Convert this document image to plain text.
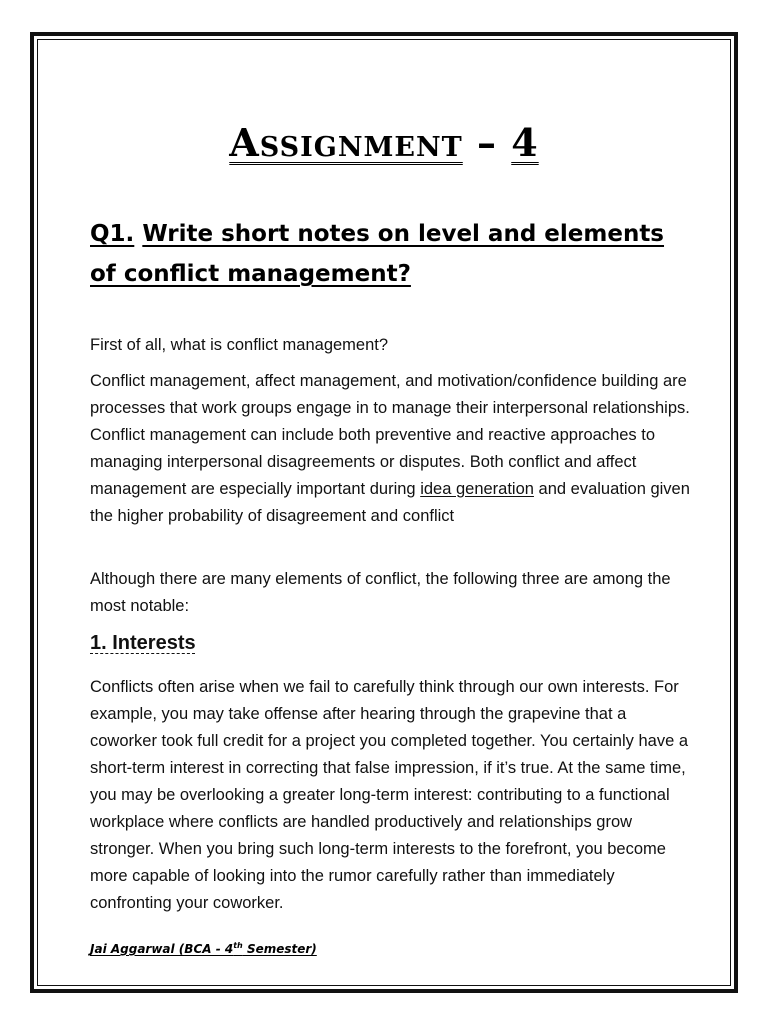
Assignment – 4
Q1. Write short notes on level and elements of conflict management?
First of all, what is conflict management?
Conflict management, affect management, and motivation/confidence building are processes that work groups engage in to manage their interpersonal relationships. Conflict management can include both preventive and reactive approaches to managing interpersonal disagreements or disputes. Both conflict and affect management are especially important during idea generation and evaluation given the higher probability of disagreement and conflict
Although there are many elements of conflict, the following three are among the most notable:
1. Interests
Conflicts often arise when we fail to carefully think through our own interests. For example, you may take offense after hearing through the grapevine that a coworker took full credit for a project you completed together. You certainly have a short-term interest in correcting that false impression, if it’s true. At the same time, you may be overlooking a greater long-term interest: contributing to a functional workplace where conflicts are handled productively and relationships grow stronger. When you bring such long-term interests to the forefront, you become more capable of looking into the rumor carefully rather than immediately confronting your coworker.
Jai Aggarwal (BCA - 4th Semester)
